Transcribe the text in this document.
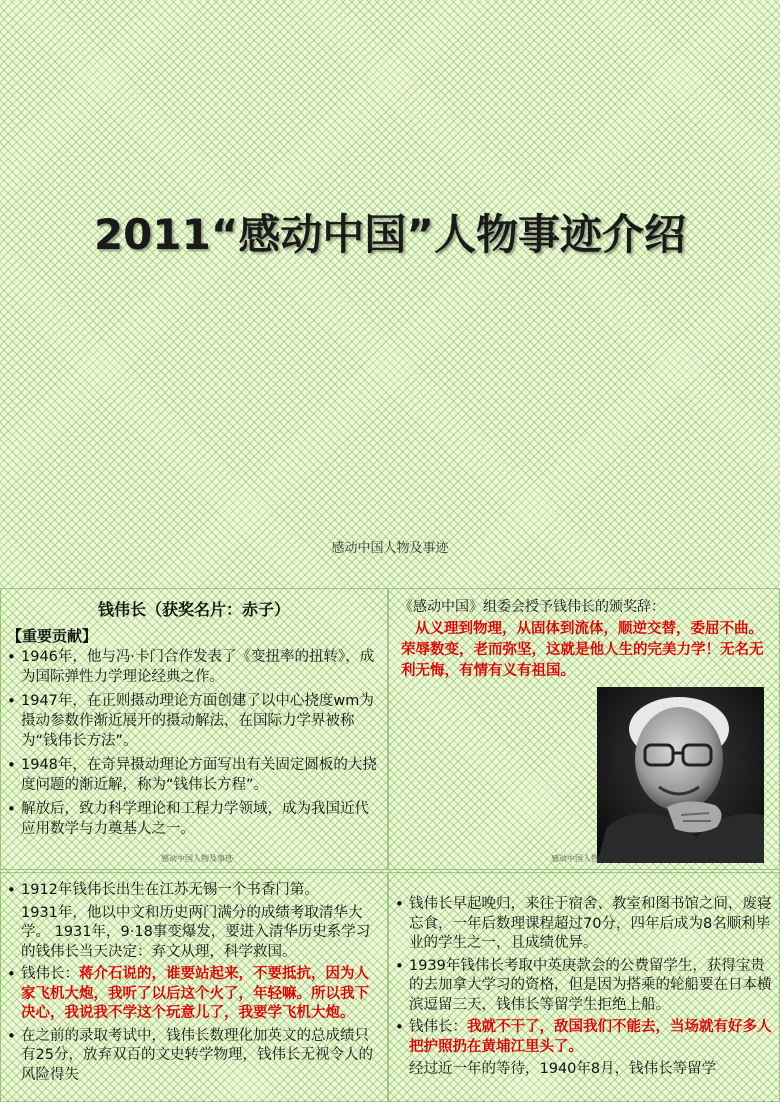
2011“感动中国”人物事迹介绍
感动中国人物及事迹
钱伟长（获奖名片：赤子）
【重要贡献】
• 1946年，他与冯·卡门合作发表了《变扭率的扭转》，成为国际弹性力学理论经典之作。
• 1947年，在正则摄动理论方面创建了以中心挠度wm为摄动参数作渐近展开的摄动解法，在国际力学界被称为“钱伟长方法”。
• 1948年，在奇异摄动理论方面写出有关固定圆板的大挠度问题的渐近解，称为“钱伟长方程”。
• 解放后，致力科学理论和工程力学领域，成为我国近代应用数学与力奠基人之一。
感动中国人物及事迹
《感动中国》组委会授予钱伟长的颁奖辞：
从义理到物理，从固体到流体，顺逆交替，委屈不曲。荣辱数变，老而弥坚，这就是他人生的完美力学！无名无利无悔，有情有义有祖国。
感动中国人物
• 1912年钱伟长出生在江苏无锡一个书香门第。
1931年，他以中文和历史两门满分的成绩考取清华大学。 1931年，9·18事变爆发，要进入清华历史系学习的钱伟长当天决定：弃文从理，科学救国。
• 钱伟长：蒋介石说的，谁要站起来，不要抵抗，因为人家飞机大炮，我听了以后这个火了，年轻嘛。所以我下决心，我说我不学这个玩意儿了，我要学飞机大炮。
• 在之前的录取考试中，钱伟长数理化加英文的总成绩只有25分，放弃双百的文史转学物理，钱伟长无视令人的风险得失
• 钱伟长早起晚归，来往于宿舍、教室和图书馆之间，废寝忘食，一年后数理课程超过70分，四年后成为8名顺利毕业的学生之一，且成绩优异。
• 1939年钱伟长考取中英庚款会的公费留学生，获得宝贵的去加拿大学习的资格，但是因为搭乘的轮船要在日本横滨逗留三天，钱伟长等留学生拒绝上船。
• 钱伟长：我就不干了，敌国我们不能去，当场就有好多人把护照扔在黄埔江里头了。
经过近一年的等待，1940年8月，钱伟长等留学
